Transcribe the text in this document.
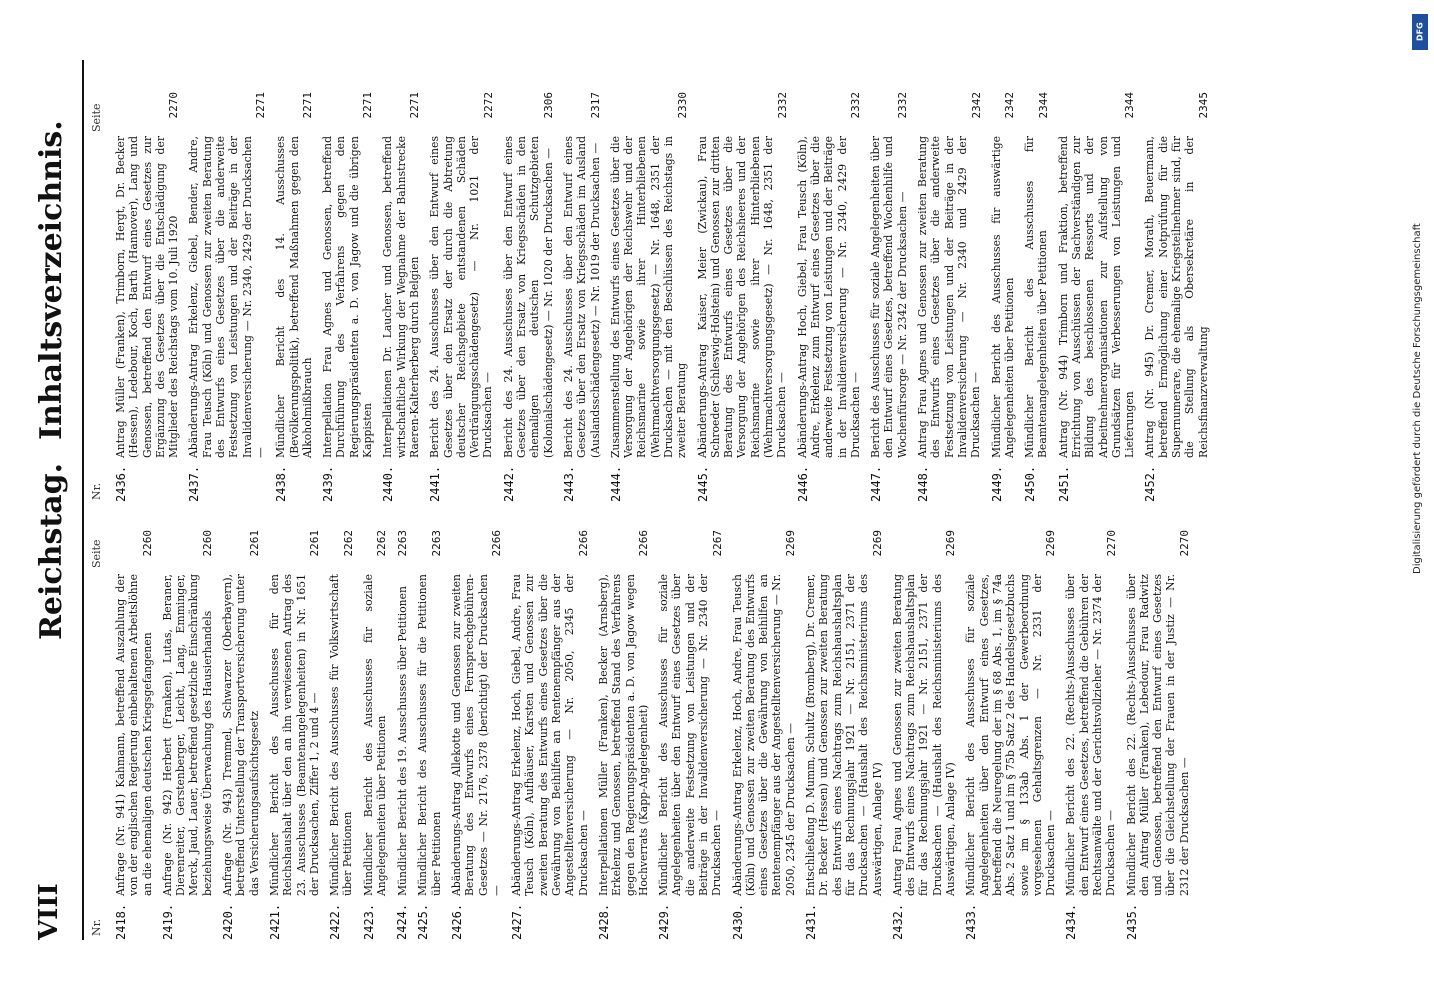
VIII
Reichstag.
Inhaltsverzeichnis.
Nr.
Seite
Nr.
Seite
2418.
Anfrage (Nr. 941) Kahmann, betreffend Auszahlung der von der englischen Regierung einbehaltenen Arbeitslöhne an die ehemaligen deutschen Kriegsgefangenen
2260
2419.
Anfrage (Nr. 942) Herbert (Franken), Lutas, Beraner, Dierenreiter, Gerstenberger, Leicht, Lang, Emminger, Merck, Jaud, Lauer, betreffend gesetzliche Einschränkung beziehungsweise Überwachung des Hausierhandels
2260
2420.
Anfrage (Nr. 943) Tremmel, Schwarzer (Oberbayern), betreffend Unterstellung der Transportversicherung unter das Versicherungsaufsichtsgesetz
2261
2421.
Mündlicher Bericht des Ausschusses für den Reichshaushalt über den an ihn verwiesenen Antrag des 23. Ausschusses (Beamtenangelegenheiten) in Nr. 1651 der Drucksachen, Ziffer 1, 2 und 4 —
2261
2422.
Mündlicher Bericht des Ausschusses für Volkswirtschaft über Petitionen
2262
2423.
Mündlicher Bericht des Ausschusses für soziale Angelegenheiten über Petitionen
2262
2424.
Mündlicher Bericht des 19. Ausschusses über Petitionen
2263
2425.
Mündlicher Bericht des Ausschusses für die Petitionen über Petitionen
2263
2426.
Abänderungs-Antrag Allekotte und Genossen zur zweiten Beratung des Entwurfs eines Fernsprechgebühren-Gesetzes — Nr. 2176, 2378 (berichtigt) der Drucksachen —
2266
2427.
Abänderungs-Antrag Erkelenz, Hoch, Giebel, Andre, Frau Teusch (Köln), Aufhäuser, Karsten und Genossen zur zweiten Beratung des Entwurfs eines Gesetzes über die Gewährung von Beihilfen an Rentenempfänger aus der Angestelltenversicherung — Nr. 2050, 2345 der Drucksachen —
2266
2428.
Interpellationen Müller (Franken), Becker (Arnsberg), Erkelenz und Genossen, betreffend Stand des Verfahrens gegen den Regierungspräsidenten a. D. von Jagow wegen Hochverrats (Kapp-Angelegenheit)
2266
2429.
Mündlicher Bericht des Ausschusses für soziale Angelegenheiten über den Entwurf eines Gesetzes über die anderweite Festsetzung von Leistungen und der Beiträge in der Invalidenversicherung — Nr. 2340 der Drucksachen —
2267
2430.
Abänderungs-Antrag Erkelenz, Hoch, Andre, Frau Teusch (Köln) und Genossen zur zweiten Beratung des Entwurfs eines Gesetzes über die Gewährung von Beihilfen an Rentenempfänger aus der Angestelltenversicherung — Nr. 2050, 2345 der Drucksachen —
2269
2431.
Entschließung D. Mumm, Schultz (Bromberg), Dr. Cremer, Dr. Becker (Hessen) und Genossen zur zweiten Beratung des Entwurfs eines Nachtrags zum Reichshaushaltsplan für das Rechnungsjahr 1921 — Nr. 2151, 2371 der Drucksachen — (Haushalt des Reichsministeriums des Auswärtigen, Anlage IV)
2269
2432.
Antrag Frau Agnes und Genossen zur zweiten Beratung des Entwurfs eines Nachtrags zum Reichshaushaltsplan für das Rechnungsjahr 1921 — Nr. 2151, 2371 der Drucksachen — (Haushalt des Reichsministeriums des Auswärtigen, Anlage IV)
2269
2433.
Mündlicher Bericht des Ausschusses für soziale Angelegenheiten über den Entwurf eines Gesetzes, betreffend die Neuregelung der im § 68 Abs. 1, im § 74a Abs. 2 Satz 1 und im § 75b Satz 2 des Handelsgesetzbuchs sowie im § 133ab Abs. 1 der Gewerbeordnung vorgesehenen Gehaltsgrenzen — Nr. 2331 der Drucksachen —
2269
2434.
Mündlicher Bericht des 22. (Rechts-)Ausschusses über den Entwurf eines Gesetzes, betreffend die Gebühren der Rechtsanwälte und der Gerichtsvollzieher — Nr. 2374 der Drucksachen —
2270
2435.
Mündlicher Bericht des 22. (Rechts-)Ausschusses über den Antrag Müller (Franken), Lebedour, Frau Radwitz und Genossen, betreffend den Entwurf eines Gesetzes über die Gleichstellung der Frauen in der Justiz — Nr. 2312 der Drucksachen —
2270
2436.
Antrag Müller (Franken), Trimborn, Hergt, Dr. Becker (Hessen), Ledebour, Koch, Barth (Hannover), Lang und Genossen, betreffend den Entwurf eines Gesetzes zur Ergänzung des Gesetzes über die Entschädigung der Mitglieder des Reichstags vom 10. Juli 1920
2270
2437.
Abänderungs-Antrag Erkelenz, Giebel, Bender, Andre, Frau Teusch (Köln) und Genossen zur zweiten Beratung des Entwurfs eines Gesetzes über die anderweite Festsetzung von Leistungen und der Beiträge in der Invalidenversicherung — Nr. 2340, 2429 der Drucksachen —
2271
2438.
Mündlicher Bericht des 14. Ausschusses (Bevölkerungspolitik), betreffend Maßnahmen gegen den Alkoholmißbrauch
2271
2439.
Interpellation Frau Agnes und Genossen, betreffend Durchführung des Verfahrens gegen den Regierungspräsidenten a. D. von Jagow und die übrigen Kappisten
2271
2440.
Interpellationen Dr. Laucher und Genossen, betreffend wirtschaftliche Wirkung der Wegnahme der Bahnstrecke Raeren-Kalterherberg durch Belgien
2271
2441.
Bericht des 24. Ausschusses über den Entwurf eines Gesetzes über den Ersatz der durch die Abtretung deutscher Reichsgebiete entstandenen Schäden (Verdrängungsschädengesetz) — Nr. 1021 der Drucksachen —
2272
2442.
Bericht des 24. Ausschusses über den Entwurf eines Gesetzes über den Ersatz von Kriegsschäden in den ehemaligen deutschen Schutzgebieten (Kolonialschädengesetz) — Nr. 1020 der Drucksachen —
2306
2443.
Bericht des 24. Ausschusses über den Entwurf eines Gesetzes über den Ersatz von Kriegsschäden im Ausland (Auslandsschädengesetz) — Nr. 1019 der Drucksachen —
2317
2444.
Zusammenstellung des Entwurfs eines Gesetzes über die Versorgung der Angehörigen der Reichswehr und der Reichsmarine sowie ihrer Hinterbliebenen (Wehrmachtversorgungsgesetz) — Nr. 1648, 2351 der Drucksachen — mit den Beschlüssen des Reichstags in zweiter Beratung
2330
2445.
Abänderungs-Antrag Kaiser, Meier (Zwickau), Frau Schroeder (Schleswig-Holstein) und Genossen zur dritten Beratung des Entwurfs eines Gesetzes über die Versorgung der Angehörigen des Reichsheeres und der Reichsmarine sowie ihrer Hinterbliebenen (Wehrmachtversorgungsgesetz) — Nr. 1648, 2351 der Drucksachen —
2332
2446.
Abänderungs-Antrag Hoch, Giebel, Frau Teusch (Köln), Andre, Erkelenz zum Entwurf eines Gesetzes über die anderweite Festsetzung von Leistungen und der Beiträge in der Invalidenversicherung — Nr. 2340, 2429 der Drucksachen —
2332
2447.
Bericht des Ausschusses für soziale Angelegenheiten über den Entwurf eines Gesetzes, betreffend Wochenhilfe und Wochenfürsorge — Nr. 2342 der Drucksachen —
2332
2448.
Antrag Frau Agnes und Genossen zur zweiten Beratung des Entwurfs eines Gesetzes über die anderweite Festsetzung von Leistungen und der Beiträge in der Invalidenversicherung — Nr. 2340 und 2429 der Drucksachen —
2342
2449.
Mündlicher Bericht des Ausschusses für auswärtige Angelegenheiten über Petitionen
2342
2450.
Mündlicher Bericht des Ausschusses für Beamtenangelegenheiten über Petitionen
2344
2451.
Antrag (Nr. 944) Trimborn und Fraktion, betreffend Errichtung von Ausschüssen der Sachverständigen zur Bildung des beschlossenen Ressorts und der Arbeitnehmerorganisationen zur Aufstellung von Grundsätzen für Verbesserungen von Leistungen und Lieferungen
2344
2452.
Antrag (Nr. 945) Dr. Cremer, Morath, Beuermann, betreffend Ermöglichung einer Notprüfung für die Supernumerare, die ehemalige Kriegsteilnehmer sind, für die Stellung als Obersekretäre in der Reichsfinanzverwaltung
2345
DFG
Digitalisierung gefördert durch die Deutsche Forschungsgemeinschaft
